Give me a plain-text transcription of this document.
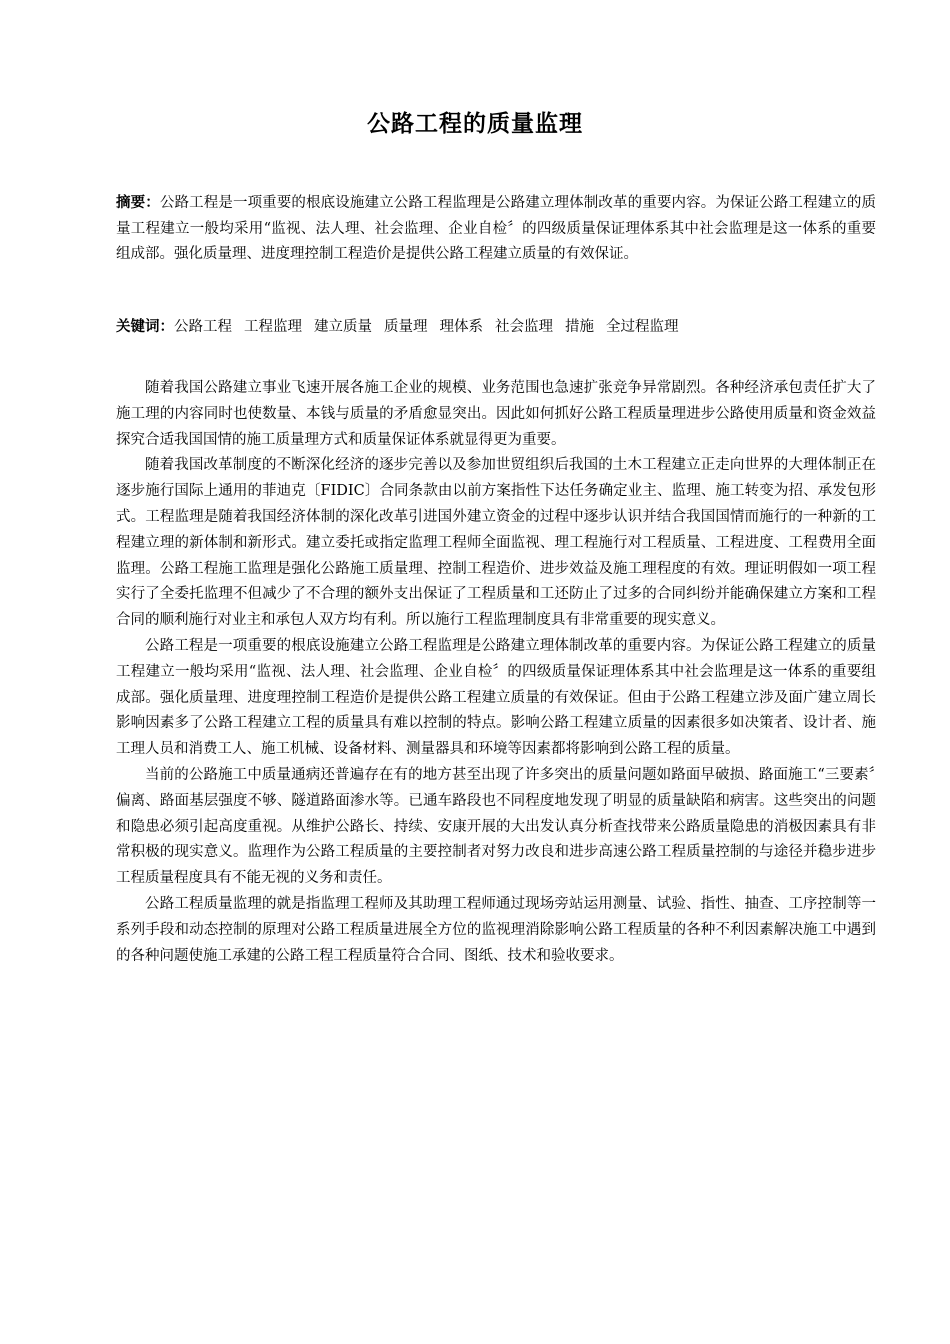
公路工程的质量监理

摘要：公路工程是一项重要的根底设施建立公路工程监理是公路建立理体制改革的重要内容。为保证公路工程建立的质量工程建立一般均采用“监视、法人理、社会监理、企业自检〞的四级质量保证理体系其中社会监理是这一体系的重要组成部。强化质量理、进度理控制工程造价是提供公路工程建立质量的有效保证。

关键词：公路工程 工程监理 建立质量 质量理 理体系 社会监理 措施 全过程监理

随着我国公路建立事业飞速开展各施工企业的规模、业务范围也急速扩张竞争异常剧烈。各种经济承包责任扩大了施工理的内容同时也使数量、本钱与质量的矛盾愈显突出。因此如何抓好公路工程质量理进步公路使用质量和资金效益探究合适我国国情的施工质量理方式和质量保证体系就显得更为重要。

随着我国改革制度的不断深化经济的逐步完善以及参加世贸组织后我国的土木工程建立正走向世界的大理体制正在逐步施行国际上通用的菲迪克〔FIDIC〕合同条款由以前方案指性下达任务确定业主、监理、施工转变为招、承发包形式。工程监理是随着我国经济体制的深化改革引进国外建立资金的过程中逐步认识并结合我国国情而施行的一种新的工程建立理的新体制和新形式。建立委托或指定监理工程师全面监视、理工程施行对工程质量、工程进度、工程费用全面监理。公路工程施工监理是强化公路施工质量理、控制工程造价、进步效益及施工理程度的有效。理证明假如一项工程实行了全委托监理不但减少了不合理的额外支出保证了工程质量和工还防止了过多的合同纠纷并能确保建立方案和工程合同的顺利施行对业主和承包人双方均有利。所以施行工程监理制度具有非常重要的现实意义。

公路工程是一项重要的根底设施建立公路工程监理是公路建立理体制改革的重要内容。为保证公路工程建立的质量工程建立一般均采用“监视、法人理、社会监理、企业自检〞的四级质量保证理体系其中社会监理是这一体系的重要组成部。强化质量理、进度理控制工程造价是提供公路工程建立质量的有效保证。但由于公路工程建立涉及面广建立周长影响因素多了公路工程建立工程的质量具有难以控制的特点。影响公路工程建立质量的因素很多如决策者、设计者、施工理人员和消费工人、施工机械、设备材料、测量器具和环境等因素都将影响到公路工程的质量。

当前的公路施工中质量通病还普遍存在有的地方甚至出现了许多突出的质量问题如路面早破损、路面施工“三要素〞偏离、路面基层强度不够、隧道路面渗水等。已通车路段也不同程度地发现了明显的质量缺陷和病害。这些突出的问题和隐患必须引起高度重视。从维护公路长、持续、安康开展的大出发认真分析查找带来公路质量隐患的消极因素具有非常积极的现实意义。监理作为公路工程质量的主要控制者对努力改良和进步高速公路工程质量控制的与途径并稳步进步工程质量程度具有不能无视的义务和责任。

公路工程质量监理的就是指监理工程师及其助理工程师通过现场旁站运用测量、试验、指性、抽查、工序控制等一系列手段和动态控制的原理对公路工程质量进展全方位的监视理消除影响公路工程质量的各种不利因素解决施工中遇到的各种问题使施工承建的公路工程工程质量符合合同、图纸、技术和验收要求。
